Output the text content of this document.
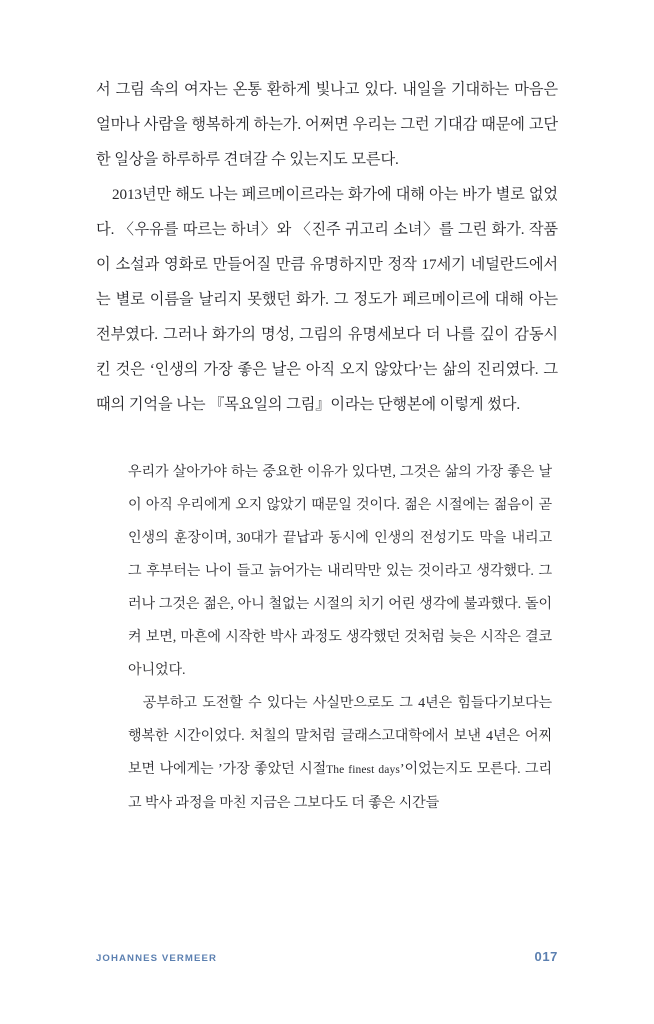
서 그림 속의 여자는 온통 환하게 빛나고 있다. 내일을 기대하는 마음은 얼마나 사람을 행복하게 하는가. 어쩌면 우리는 그런 기대감 때문에 고단한 일상을 하루하루 견뎌갈 수 있는지도 모른다.

2013년만 해도 나는 페르메이르라는 화가에 대해 아는 바가 별로 없었다. 〈우유를 따르는 하녀〉와 〈진주 귀고리 소녀〉를 그린 화가. 작품이 소설과 영화로 만들어질 만큼 유명하지만 정작 17세기 네덜란드에서는 별로 이름을 날리지 못했던 화가. 그 정도가 페르메이르에 대해 아는 전부였다. 그러나 화가의 명성, 그림의 유명세보다 더 나를 깊이 감동시킨 것은 ‘인생의 가장 좋은 날은 아직 오지 않았다’는 삶의 진리였다. 그때의 기억을 나는 『목요일의 그림』이라는 단행본에 이렇게 썼다.

우리가 살아가야 하는 중요한 이유가 있다면, 그것은 삶의 가장 좋은 날이 아직 우리에게 오지 않았기 때문일 것이다. 젊은 시절에는 젊음이 곧 인생의 훈장이며, 30대가 끝납과 동시에 인생의 전성기도 막을 내리고 그 후부터는 나이 들고 늙어가는 내리막만 있는 것이라고 생각했다. 그러나 그것은 젊은, 아니 철없는 시절의 치기 어린 생각에 불과했다. 돌이켜 보면, 마흔에 시작한 박사 과정도 생각했던 것처럼 늦은 시작은 결코 아니었다.

공부하고 도전할 수 있다는 사실만으로도 그 4년은 힘들다기보다는 행복한 시간이었다. 처칠의 말처럼 글래스고대학에서 보낸 4년은 어찌 보면 나에게는 ’가장 좋았던 시절The finest days’이었는지도 모른다. 그리고 박사 과정을 마친 지금은 그보다도 더 좋은 시간들

JOHANNES VERMEER	017
